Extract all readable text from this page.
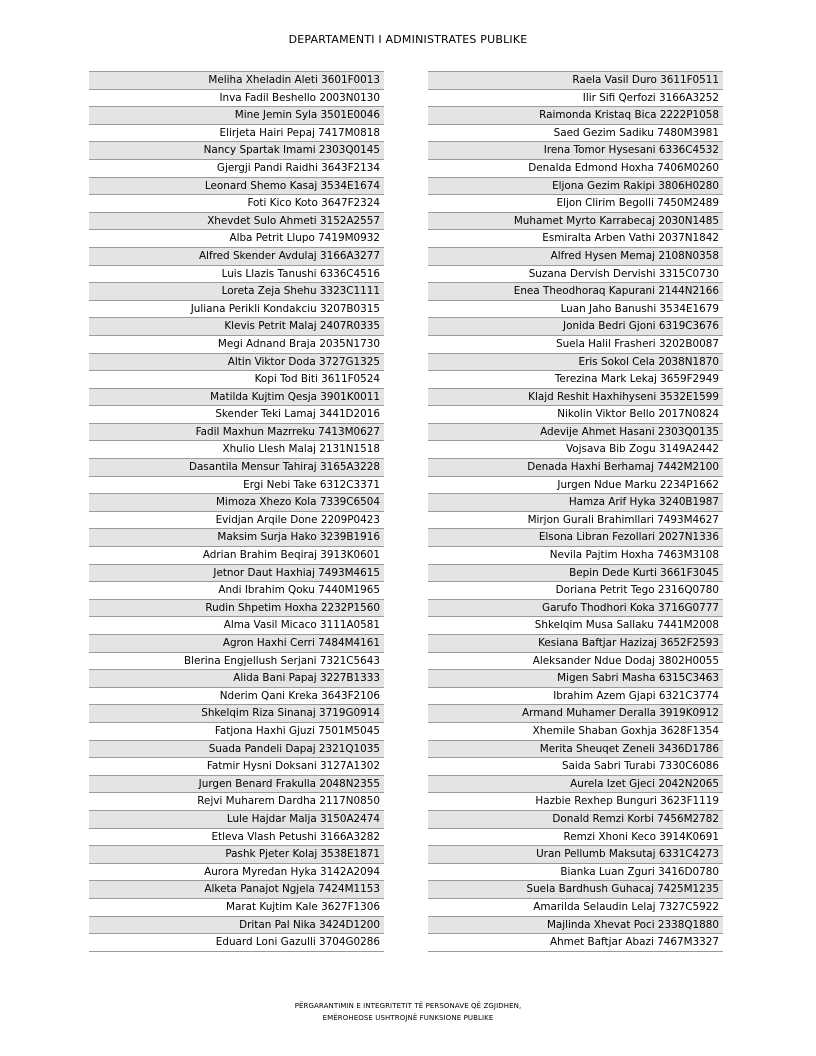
DEPARTAMENTI I ADMINISTRATES PUBLIKE
Meliha Xheladin Aleti 3601F0013
Inva Fadil Beshello 2003N0130
Mine Jemin Syla 3501E0046
Elirjeta Hairi Pepaj 7417M0818
Nancy Spartak Imami 2303Q0145
Gjergji Pandi Raidhi 3643F2134
Leonard Shemo Kasaj 3534E1674
Foti Kico Koto 3647F2324
Xhevdet Sulo Ahmeti 3152A2557
Alba Petrit Llupo 7419M0932
Alfred Skender Avdulaj 3166A3277
Luis Llazis Tanushi 6336C4516
Loreta Zeja Shehu 3323C1111
Juliana Perikli Kondakciu 3207B0315
Klevis Petrit Malaj 2407R0335
Megi Adnand Braja 2035N1730
Altin Viktor Doda 3727G1325
Kopi Tod Biti 3611F0524
Matilda Kujtim Qesja 3901K0011
Skender Teki Lamaj 3441D2016
Fadil Maxhun Mazrreku 7413M0627
Xhulio Llesh Malaj 2131N1518
Dasantila Mensur Tahiraj 3165A3228
Ergi Nebi Take 6312C3371
Mimoza Xhezo Kola 7339C6504
Evidjan Arqile Done 2209P0423
Maksim Surja Hako 3239B1916
Adrian Brahim Beqiraj 3913K0601
Jetnor Daut Haxhiaj 7493M4615
Andi Ibrahim Qoku 7440M1965
Rudin Shpetim Hoxha 2232P1560
Alma Vasil Micaco 3111A0581
Agron Haxhi Cerri 7484M4161
Blerina Engjellush Serjani 7321C5643
Alida Bani Papaj 3227B1333
Nderim Qani Kreka 3643F2106
Shkelqim Riza Sinanaj 3719G0914
Fatjona Haxhi Gjuzi 7501M5045
Suada Pandeli Dapaj 2321Q1035
Fatmir Hysni Doksani 3127A1302
Jurgen Benard Frakulla 2048N2355
Rejvi Muharem Dardha 2117N0850
Lule Hajdar Malja 3150A2474
Etleva Vlash Petushi 3166A3282
Pashk Pjeter Kolaj 3538E1871
Aurora Myredan Hyka 3142A2094
Alketa Panajot Ngjela 7424M1153
Marat Kujtim Kale 3627F1306
Dritan Pal Nika 3424D1200
Eduard Loni Gazulli 3704G0286
Raela Vasil Duro 3611F0511
Ilir Sifi Qerfozi 3166A3252
Raimonda Kristaq Bica 2222P1058
Saed Gezim Sadiku 7480M3981
Irena Tomor Hysesani 6336C4532
Denalda Edmond Hoxha 7406M0260
Eljona Gezim Rakipi 3806H0280
Eljon Clirim Begolli 7450M2489
Muhamet Myrto Karrabecaj 2030N1485
Esmiralta Arben Vathi 2037N1842
Alfred Hysen Memaj 2108N0358
Suzana Dervish Dervishi 3315C0730
Enea Theodhoraq Kapurani 2144N2166
Luan Jaho Banushi 3534E1679
Jonida Bedri Gjoni 6319C3676
Suela Halil Frasheri 3202B0087
Eris Sokol Cela 2038N1870
Terezina Mark Lekaj 3659F2949
Klajd Reshit Haxhihyseni 3532E1599
Nikolin Viktor Bello 2017N0824
Adevije Ahmet Hasani 2303Q0135
Vojsava Bib Zogu 3149A2442
Denada Haxhi Berhamaj 7442M2100
Jurgen Ndue Marku 2234P1662
Hamza Arif Hyka 3240B1987
Mirjon Gurali Brahimllari 7493M4627
Elsona Libran Fezollari 2027N1336
Nevila Pajtim Hoxha 7463M3108
Bepin Dede Kurti 3661F3045
Doriana Petrit Tego 2316Q0780
Garufo Thodhori Koka 3716G0777
Shkelqim Musa Sallaku 7441M2008
Kesiana Baftjar Hazizaj 3652F2593
Aleksander Ndue Dodaj 3802H0055
Migen Sabri Masha 6315C3463
Ibrahim Azem Gjapi 6321C3774
Armand Muhamer Deralla 3919K0912
Xhemile Shaban Goxhja 3628F1354
Merita Sheuqet Zeneli 3436D1786
Saida Sabri Turabi 7330C6086
Aurela Izet Gjeci 2042N2065
Hazbie Rexhep Bunguri 3623F1119
Donald Remzi Korbi 7456M2782
Remzi Xhoni Keco 3914K0691
Uran Pellumb Maksutaj 6331C4273
Bianka Luan Zguri 3416D0780
Suela Bardhush Guhacaj 7425M1235
Amarilda Selaudin Lelaj 7327C5922
Majlinda Xhevat Poci 2338Q1880
Ahmet Baftjar Abazi 7467M3327
PËRGARANTIMIN E INTEGRITETIT TË PERSONAVE QË ZGJIDHEN,
EMËROHEOSE USHTROJNË FUNKSIONE PUBLIKE
